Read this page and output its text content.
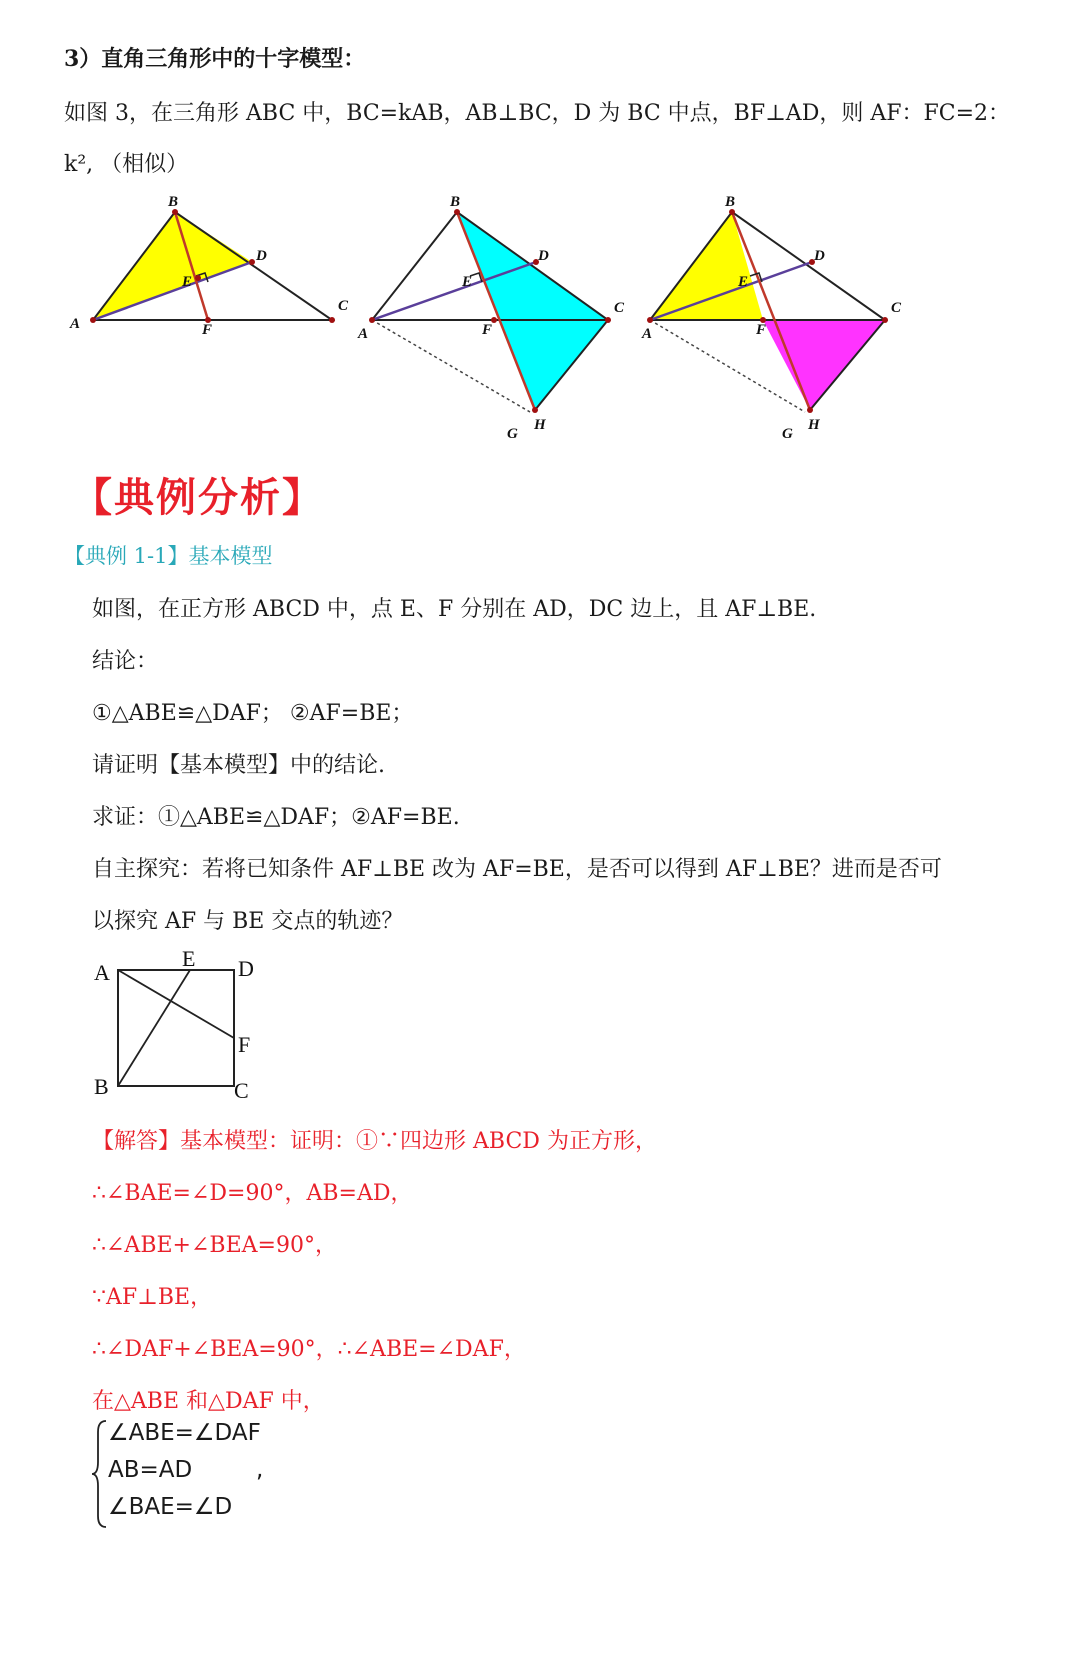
3）直角三角形中的十字模型：
如图 3，在三角形 ABC 中，BC=kAB，AB⊥BC，D 为 BC 中点，BF⊥AD，则 AF：FC=2：
k², （相似）
B
D
E
C
A	F
B
D
E
C
A	F
G
H
B
D
E
C
A	F
G
H
【典例分析】
【典例 1-1】基本模型
如图，在正方形 ABCD 中，点 E、F 分别在 AD，DC 边上，且 AF⊥BE.
结论：
①△ABE≌△DAF； ②AF=BE；
请证明【基本模型】中的结论.
求证：①△ABE≌△DAF；②AF=BE.
自主探究：若将已知条件 AF⊥BE 改为 AF=BE，是否可以得到 AF⊥BE？进而是否可
以探究 AF 与 BE 交点的轨迹？
A
E D
F
B	C
【解答】基本模型：证明：①∵四边形 ABCD 为正方形，
∴∠BAE=∠D=90°，AB=AD，
∴∠ABE+∠BEA=90°，
∵AF⊥BE，
∴∠DAF+∠BEA=90°，∴∠ABE=∠DAF，
在△ABE 和△DAF 中，
∠ABE=∠DAF
AB=AD	,
∠BAE=∠D
